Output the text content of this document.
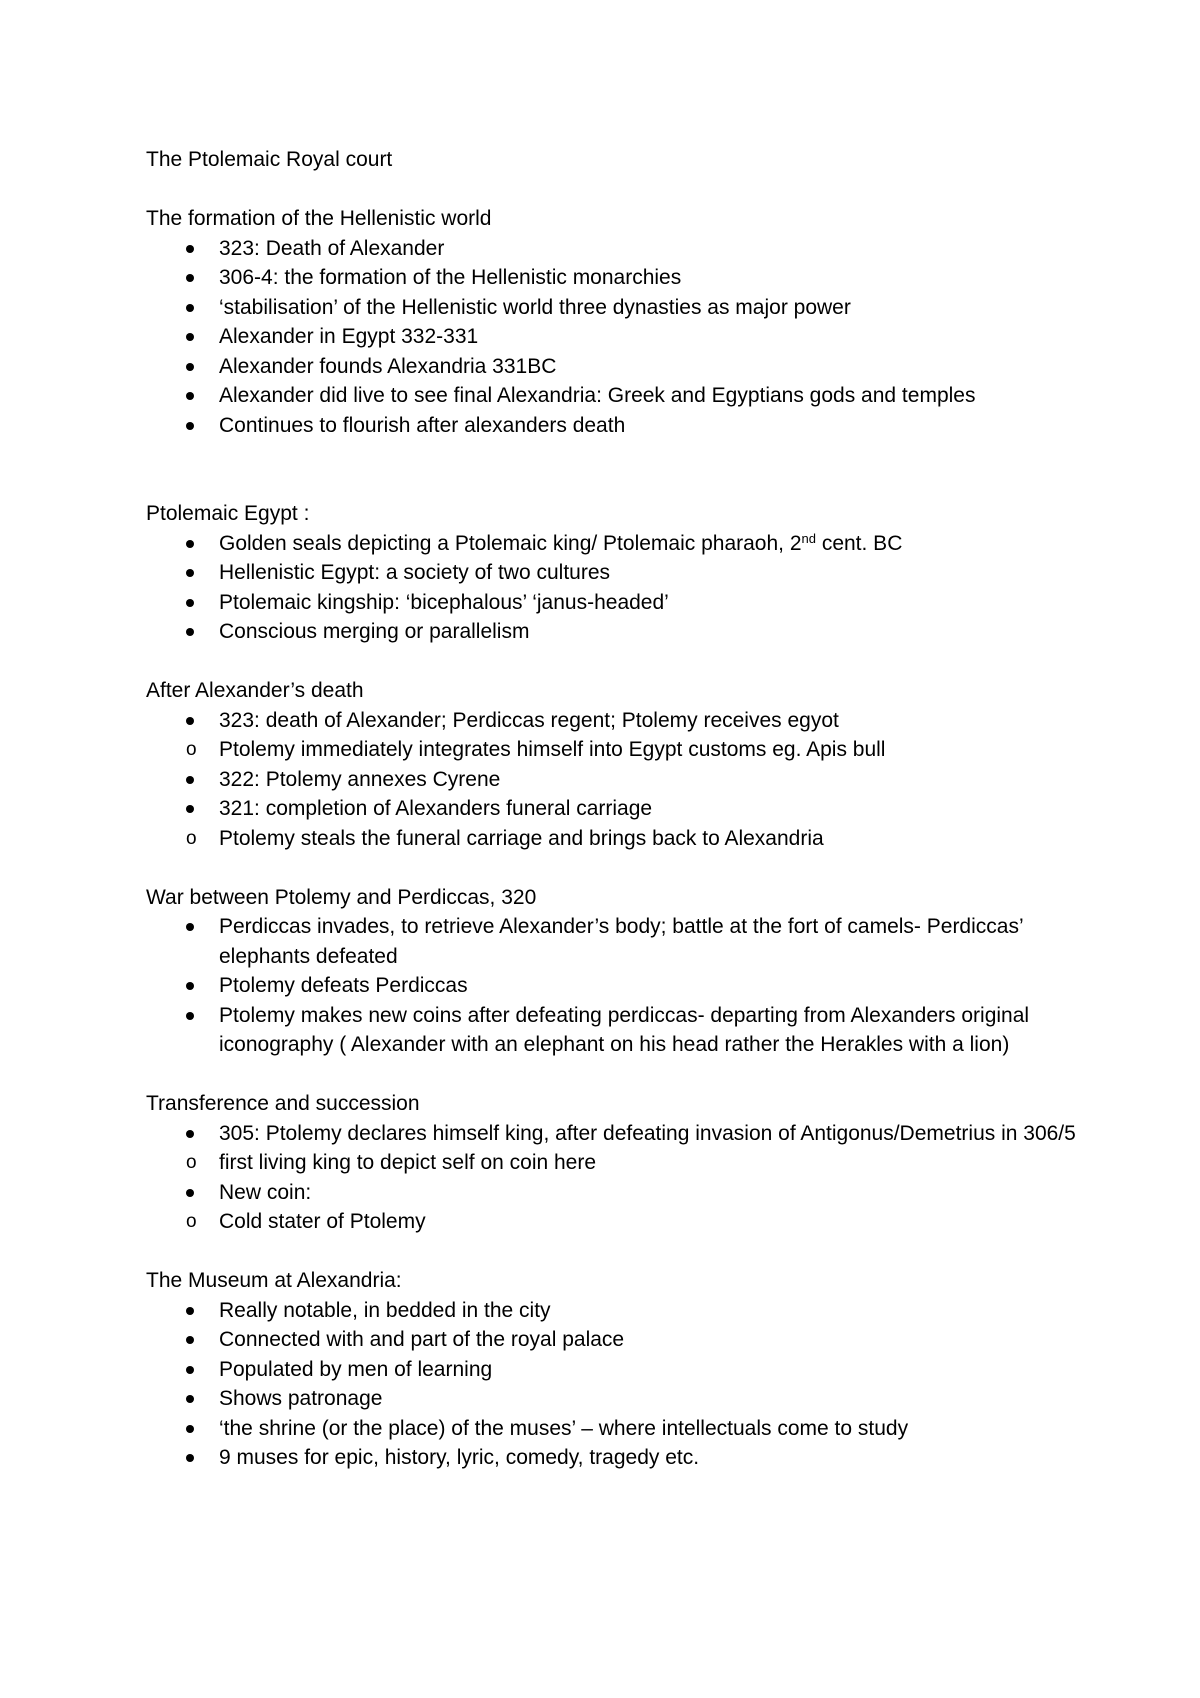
The Ptolemaic Royal court

The formation of the Hellenistic world

323: Death of Alexander
306-4: the formation of the Hellenistic monarchies
‘stabilisation’ of the Hellenistic world three dynasties as major power
Alexander in Egypt 332-331
Alexander founds Alexandria 331BC
Alexander did live to see final Alexandria: Greek and Egyptians gods and temples
Continues to flourish after alexanders death

Ptolemaic Egypt :

Golden seals depicting a Ptolemaic king/ Ptolemaic pharaoh, 2nd cent. BC
Hellenistic Egypt: a society of two cultures
Ptolemaic kingship: ‘bicephalous’ ‘janus-headed’
Conscious merging or parallelism

After Alexander’s death

323: death of Alexander; Perdiccas regent; Ptolemy receives egyot
o Ptolemy immediately integrates himself into Egypt customs eg. Apis bull
322: Ptolemy annexes Cyrene
321: completion of Alexanders funeral carriage
o Ptolemy steals the funeral carriage and brings back to Alexandria

War between Ptolemy and Perdiccas, 320

Perdiccas invades, to retrieve Alexander’s body; battle at the fort of camels- Perdiccas’ elephants defeated
Ptolemy defeats Perdiccas
Ptolemy makes new coins after defeating perdiccas- departing from Alexanders original iconography ( Alexander with an elephant on his head rather the Herakles with a lion)

Transference and succession

305: Ptolemy declares himself king, after defeating invasion of Antigonus/Demetrius in 306/5
o first living king to depict self on coin here
New coin:
o Cold stater of Ptolemy

The Museum at Alexandria:

Really notable, in bedded in the city
Connected with and part of the royal palace
Populated by men of learning
Shows patronage
‘the shrine (or the place) of the muses’ – where intellectuals come to study
9 muses for epic, history, lyric, comedy, tragedy etc.
